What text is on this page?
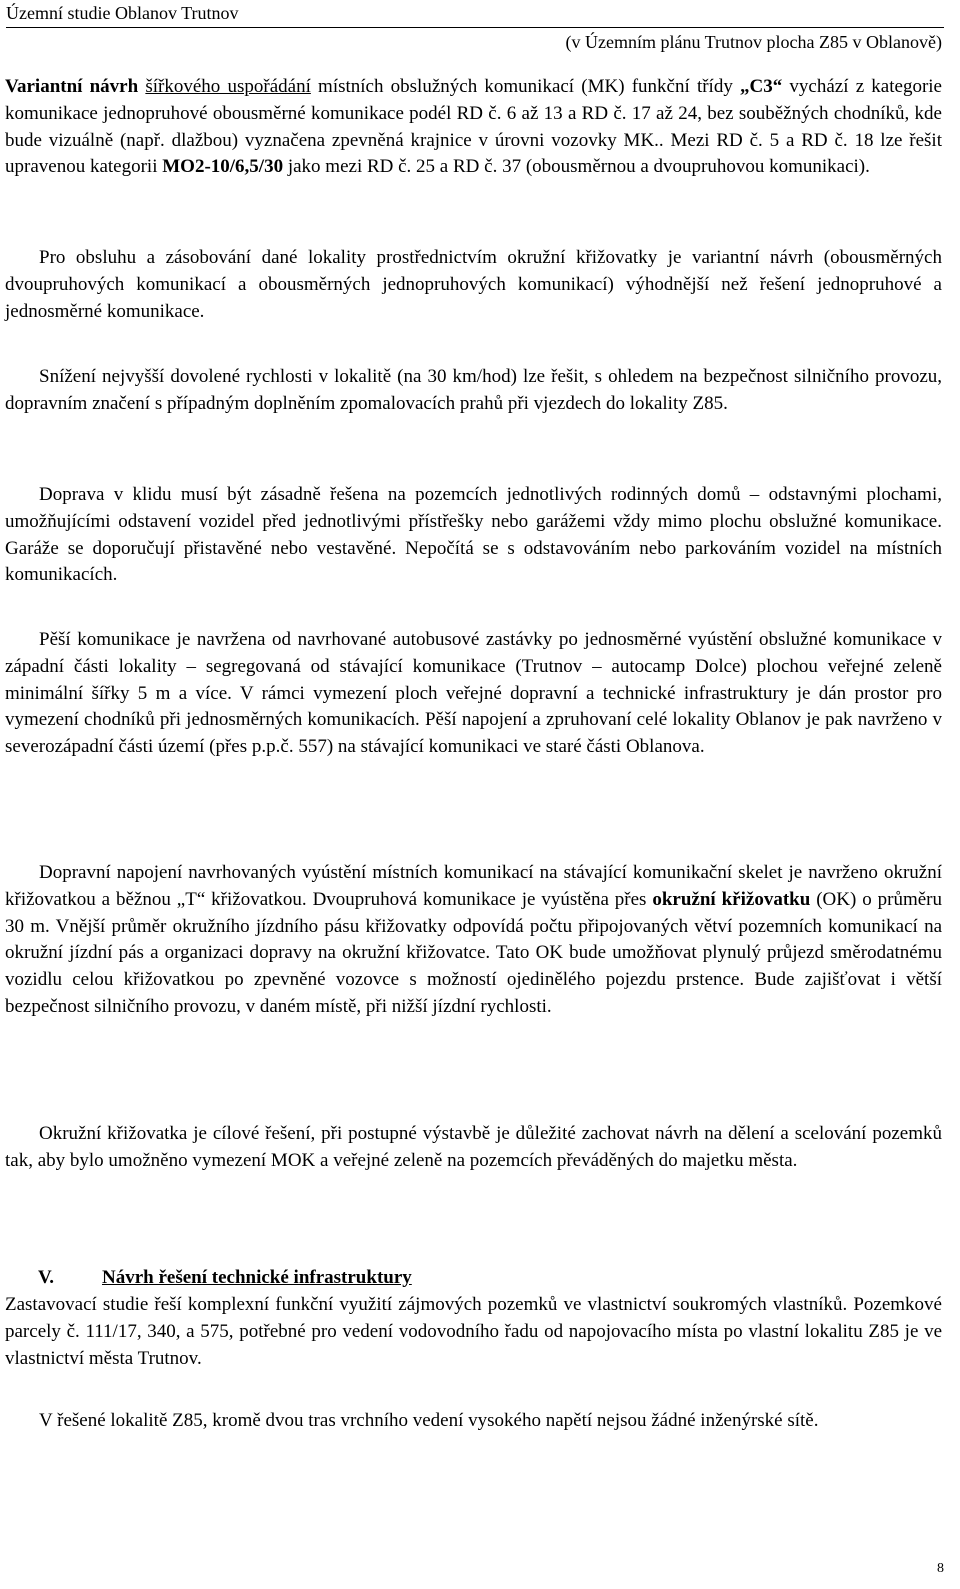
Územní studie Oblanov Trutnov
(v Územním plánu Trutnov plocha Z85 v Oblanově)

Variantní návrh šířkového uspořádání místních obslužných komunikací (MK) funkční třídy „C3“ vychází z kategorie komunikace jednopruhové obousměrné komunikace podél RD č. 6 až 13 a RD č. 17 až 24, bez souběžných chodníků, kde bude vizuálně (např. dlažbou) vyznačena zpevněná krajnice v úrovni vozovky MK.. Mezi RD č. 5 a RD č. 18 lze řešit upravenou kategorii MO2-10/6,5/30 jako mezi RD č. 25 a RD č. 37 (obousměrnou a dvoupruhovou komunikaci).

Pro obsluhu a zásobování dané lokality prostřednictvím okružní křižovatky je variantní návrh (obousměrných dvoupruhových komunikací a obousměrných jednopruhových komunikací) výhodnější než řešení jednopruhové a jednosměrné komunikace.

Snížení nejvyšší dovolené rychlosti v lokalitě (na 30 km/hod) lze řešit, s ohledem na bezpečnost silničního provozu, dopravním značení s případným doplněním zpomalovacích prahů při vjezdech do lokality Z85.

Doprava v klidu musí být zásadně řešena na pozemcích jednotlivých rodinných domů – odstavnými plochami, umožňujícími odstavení vozidel před jednotlivými přístřešky nebo garážemi vždy mimo plochu obslužné komunikace. Garáže se doporučují přistavěné nebo vestavěné. Nepočítá se s odstavováním nebo parkováním vozidel na místních komunikacích.

Pěší komunikace je navržena od navrhované autobusové zastávky po jednosměrné vyústění obslužné komunikace v západní části lokality – segregovaná od stávající komunikace (Trutnov – autocamp Dolce) plochou veřejné zeleně minimální šířky 5 m a více. V rámci vymezení ploch veřejné dopravní a technické infrastruktury je dán prostor pro vymezení chodníků při jednosměrných komunikacích. Pěší napojení a zpruhovaní celé lokality Oblanov je pak navrženo v severozápadní části území (přes p.p.č. 557) na stávající komunikaci ve staré části Oblanova.

Dopravní napojení navrhovaných vyústění místních komunikací na stávající komunikační skelet je navrženo okružní křižovatkou a běžnou „T“ křižovatkou. Dvoupruhová komunikace je vyústěna přes okružní křižovatku (OK) o průměru 30 m. Vnější průměr okružního jízdního pásu křižovatky odpovídá počtu připojovaných větví pozemních komunikací na okružní jízdní pás a organizaci dopravy na okružní křižovatce. Tato OK bude umožňovat plynulý průjezd směrodatnému vozidlu celou křižovatkou po zpevněné vozovce s možností ojedinělého pojezdu prstence. Bude zajišťovat i větší bezpečnost silničního provozu, v daném místě, při nižší jízdní rychlosti.

Okružní křižovatka je cílové řešení, při postupné výstavbě je důležité zachovat návrh na dělení a scelování pozemků tak, aby bylo umožněno vymezení MOK a veřejné zeleně na pozemcích převáděných do majetku města.

V.	Návrh řešení technické infrastruktury

Zastavovací studie řeší komplexní funkční využití zájmových pozemků ve vlastnictví soukromých vlastníků. Pozemkové parcely č. 111/17, 340, a 575, potřebné pro vedení vodovodního řadu od napojovacího místa po vlastní lokalitu Z85 je ve vlastnictví města Trutnov.

V řešené lokalitě Z85, kromě dvou tras vrchního vedení vysokého napětí nejsou žádné inženýrské sítě.

8
